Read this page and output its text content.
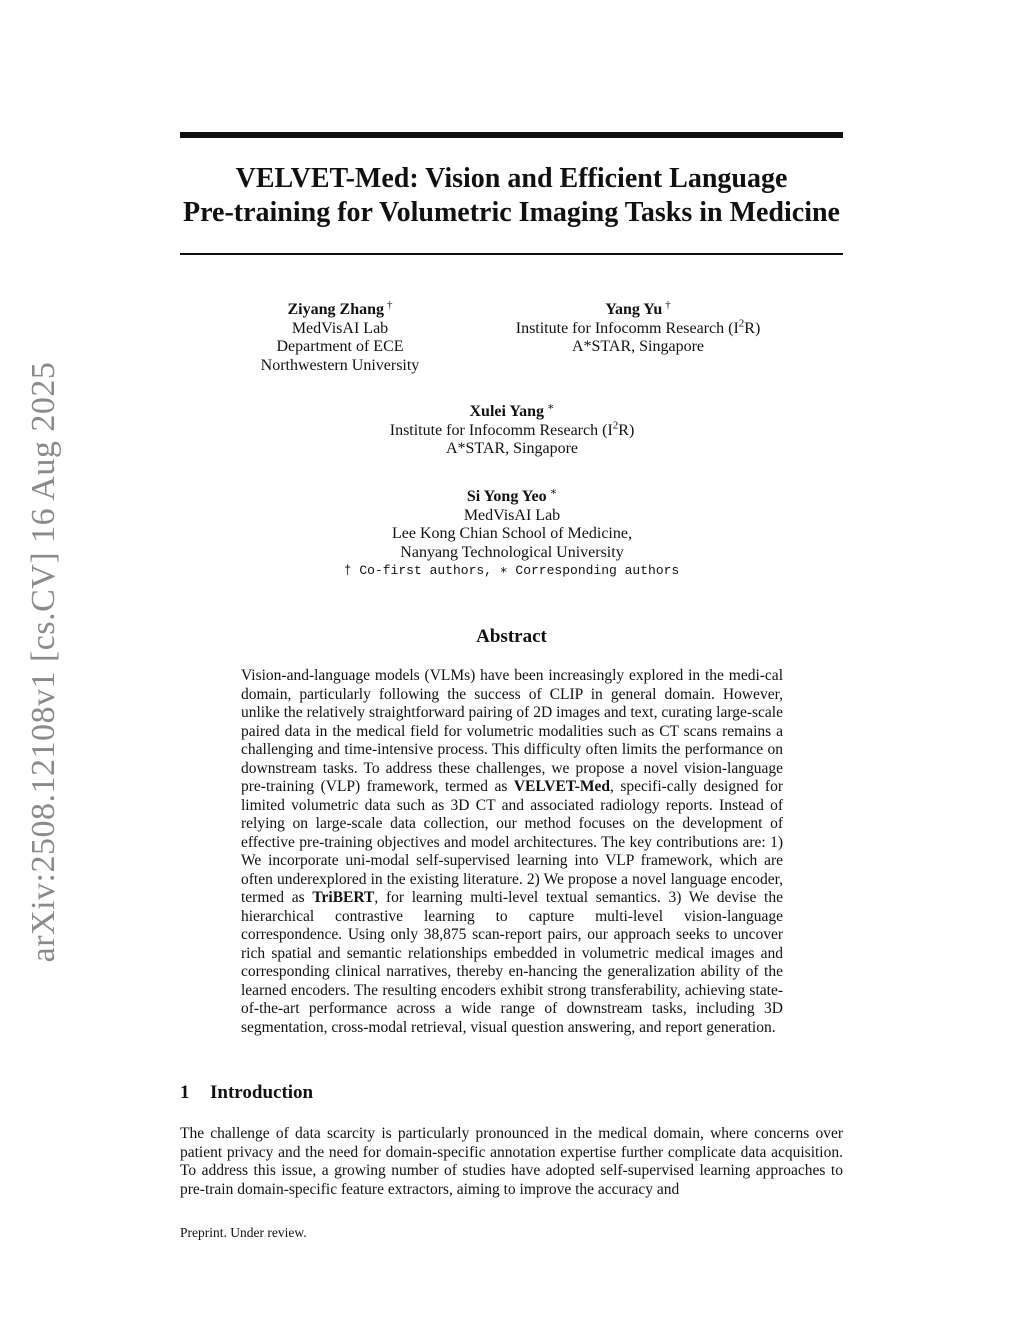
arXiv:2508.12108v1 [cs.CV] 16 Aug 2025
VELVET-Med: Vision and Efficient Language
Pre-training for Volumetric Imaging Tasks in Medicine
Ziyang Zhang †
MedVisAI Lab
Department of ECE
Northwestern University
Yang Yu †
Institute for Infocomm Research $(I^2R)$
A*STAR, Singapore
Xulei Yang ∗
Institute for Infocomm Research $(I^2R)$
A*STAR, Singapore
Si Yong Yeo ∗
MedVisAI Lab
Lee Kong Chian School of Medicine,
Nanyang Technological University
† Co-first authors, ∗ Corresponding authors
Abstract
Vision-and-language models (VLMs) have been increasingly explored in the medi-cal domain, particularly following the success of CLIP in general domain. However, unlike the relatively straightforward pairing of 2D images and text, curating large-scale paired data in the medical field for volumetric modalities such as CT scans remains a challenging and time-intensive process. This difficulty often limits the performance on downstream tasks. To address these challenges, we propose a novel vision-language pre-training (VLP) framework, termed as VELVET-Med, specifi-cally designed for limited volumetric data such as 3D CT and associated radiology reports. Instead of relying on large-scale data collection, our method focuses on the development of effective pre-training objectives and model architectures. The key contributions are: 1) We incorporate uni-modal self-supervised learning into VLP framework, which are often underexplored in the existing literature. 2) We propose a novel language encoder, termed as TriBERT, for learning multi-level textual semantics. 3) We devise the hierarchical contrastive learning to capture multi-level vision-language correspondence. Using only 38,875 scan-report pairs, our approach seeks to uncover rich spatial and semantic relationships embedded in volumetric medical images and corresponding clinical narratives, thereby en-hancing the generalization ability of the learned encoders. The resulting encoders exhibit strong transferability, achieving state-of-the-art performance across a wide range of downstream tasks, including 3D segmentation, cross-modal retrieval, visual question answering, and report generation.
1 Introduction
The challenge of data scarcity is particularly pronounced in the medical domain, where concerns over patient privacy and the need for domain-specific annotation expertise further complicate data acquisition. To address this issue, a growing number of studies have adopted self-supervised learning approaches to pre-train domain-specific feature extractors, aiming to improve the accuracy and
Preprint. Under review.
